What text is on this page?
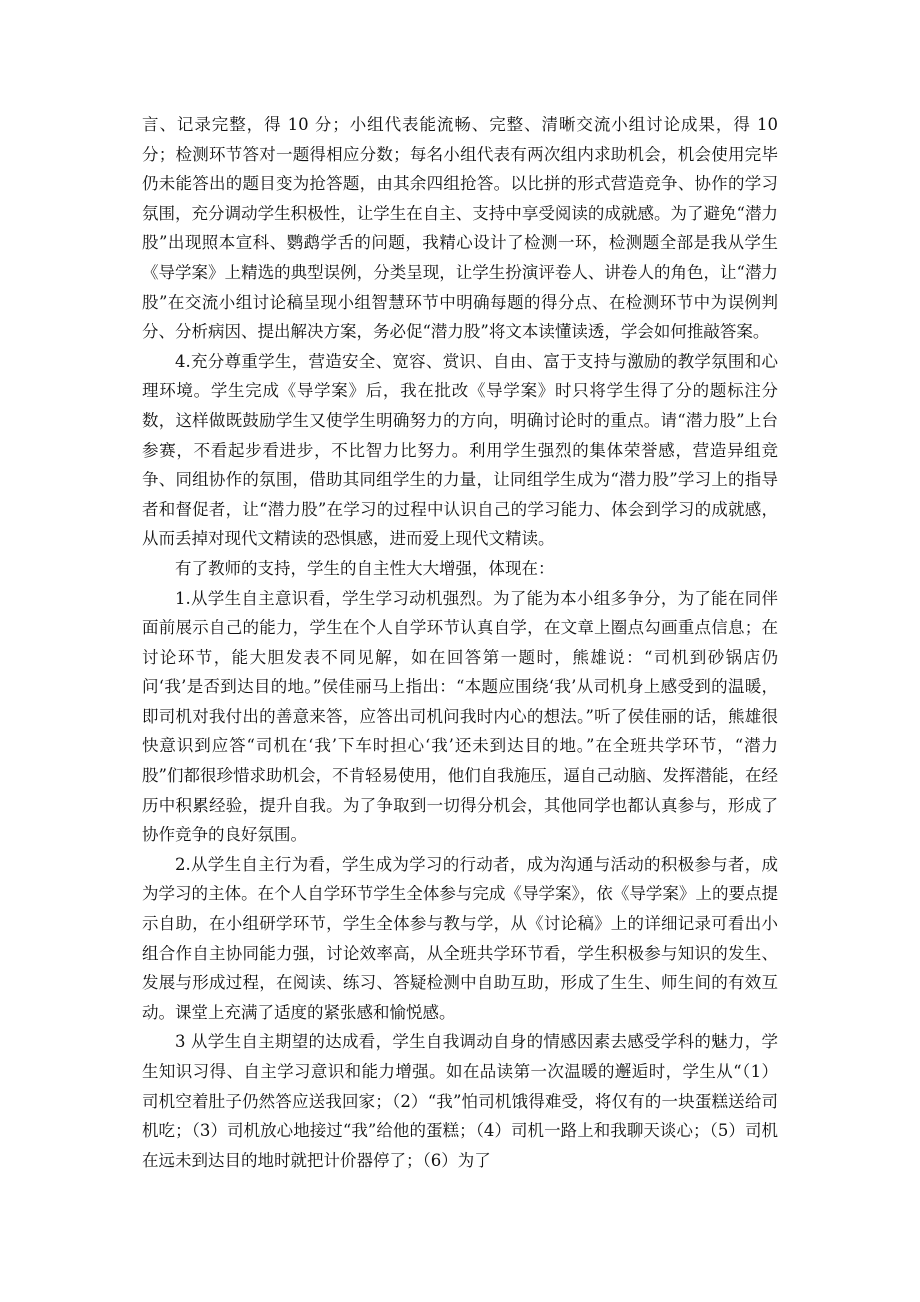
言、记录完整，得 10 分；小组代表能流畅、完整、清晰交流小组讨论成果，得 10 分；检测环节答对一题得相应分数；每名小组代表有两次组内求助机会，机会使用完毕仍未能答出的题目变为抢答题，由其余四组抢答。以比拼的形式营造竞争、协作的学习氛围，充分调动学生积极性，让学生在自主、支持中享受阅读的成就感。为了避免“潜力股”出现照本宣科、鹦鹉学舌的问题，我精心设计了检测一环，检测题全部是我从学生《导学案》上精选的典型误例，分类呈现，让学生扮演评卷人、讲卷人的角色，让“潜力股”在交流小组讨论稿呈现小组智慧环节中明确每题的得分点、在检测环节中为误例判分、分析病因、提出解决方案，务必促“潜力股”将文本读懂读透，学会如何推敲答案。

4.充分尊重学生，营造安全、宽容、赏识、自由、富于支持与激励的教学氛围和心理环境。学生完成《导学案》后，我在批改《导学案》时只将学生得了分的题标注分数，这样做既鼓励学生又使学生明确努力的方向，明确讨论时的重点。请“潜力股”上台参赛，不看起步看进步，不比智力比努力。利用学生强烈的集体荣誉感，营造异组竞争、同组协作的氛围，借助其同组学生的力量，让同组学生成为“潜力股”学习上的指导者和督促者，让“潜力股”在学习的过程中认识自己的学习能力、体会到学习的成就感，从而丢掉对现代文精读的恐惧感，进而爱上现代文精读。

有了教师的支持，学生的自主性大大增强，体现在：

1.从学生自主意识看，学生学习动机强烈。为了能为本小组多争分，为了能在同伴面前展示自己的能力，学生在个人自学环节认真自学，在文章上圈点勾画重点信息；在讨论环节，能大胆发表不同见解，如在回答第一题时，熊雄说：“司机到砂锅店仍问‘我’是否到达目的地。”侯佳丽马上指出：“本题应围绕‘我’从司机身上感受到的温暖，即司机对我付出的善意来答，应答出司机问我时内心的想法。”听了侯佳丽的话，熊雄很快意识到应答“司机在‘我’下车时担心‘我’还未到达目的地。”在全班共学环节，“潜力股”们都很珍惜求助机会，不肯轻易使用，他们自我施压，逼自己动脑、发挥潜能，在经历中积累经验，提升自我。为了争取到一切得分机会，其他同学也都认真参与，形成了协作竞争的良好氛围。

2.从学生自主行为看，学生成为学习的行动者，成为沟通与活动的积极参与者，成为学习的主体。在个人自学环节学生全体参与完成《导学案》，依《导学案》上的要点提示自助，在小组研学环节，学生全体参与教与学，从《讨论稿》上的详细记录可看出小组合作自主协同能力强，讨论效率高，从全班共学环节看，学生积极参与知识的发生、发展与形成过程，在阅读、练习、答疑检测中自助互助，形成了生生、师生间的有效互动。课堂上充满了适度的紧张感和愉悦感。

3 从学生自主期望的达成看，学生自我调动自身的情感因素去感受学科的魅力，学生知识习得、自主学习意识和能力增强。如在品读第一次温暖的邂逅时，学生从“（1）司机空着肚子仍然答应送我回家；（2）“我”怕司机饿得难受，将仅有的一块蛋糕送给司机吃；（3）司机放心地接过“我”给他的蛋糕；（4）司机一路上和我聊天谈心；（5）司机在远未到达目的地时就把计价器停了；（6）为了
